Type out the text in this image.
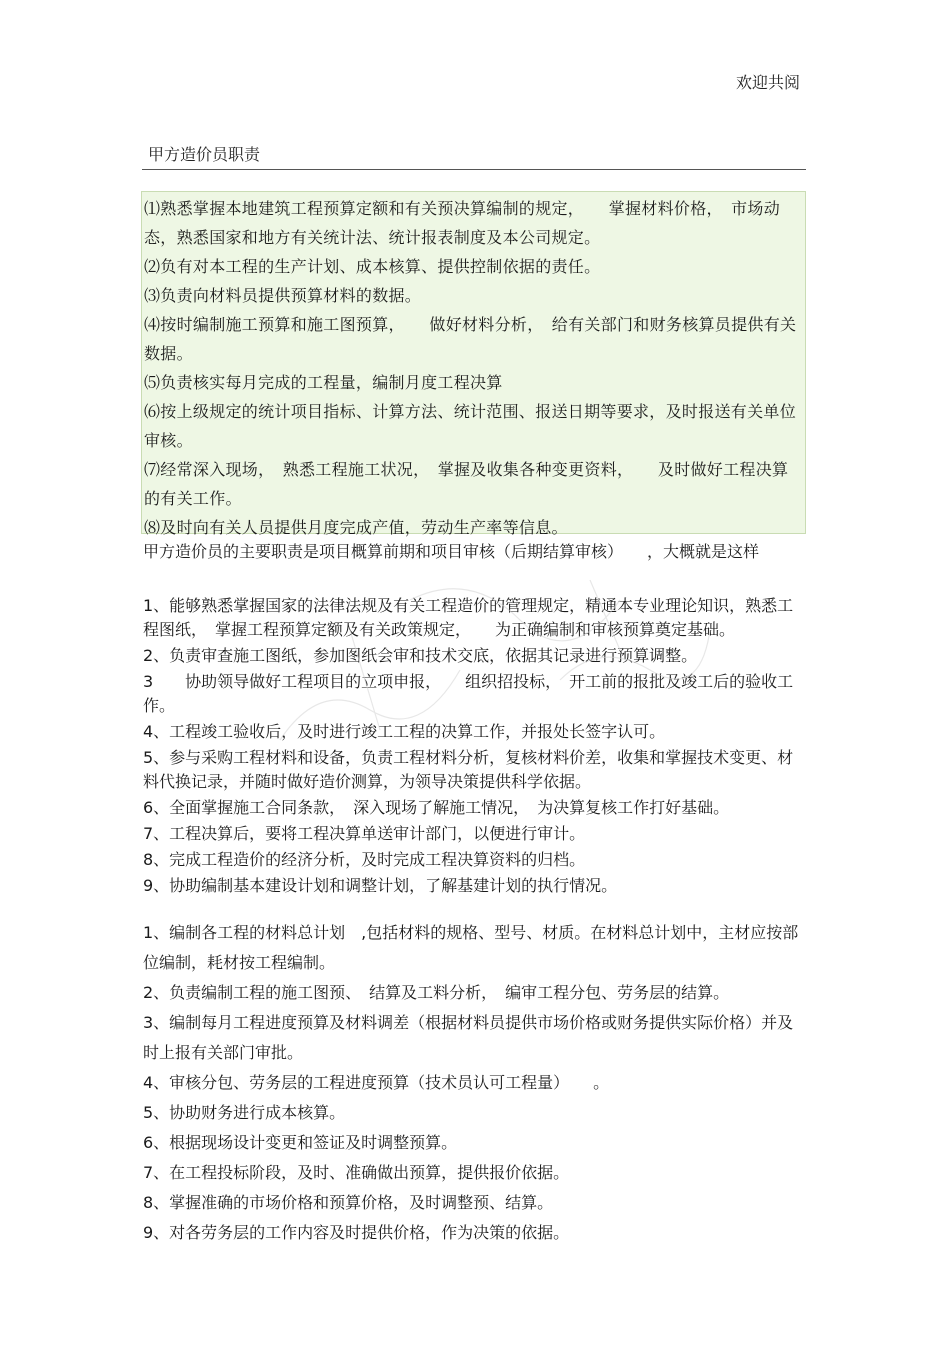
欢迎共阅
甲方造价员职责

⑴熟悉掌握本地建筑工程预算定额和有关预决算编制的规定，　　掌握材料价格，　市场动态，熟悉国家和地方有关统计法、统计报表制度及本公司规定。

⑵负有对本工程的生产计划、成本核算、提供控制依据的责任。

⑶负责向材料员提供预算材料的数据。

⑷按时编制施工预算和施工图预算，　　做好材料分析，　给有关部门和财务核算员提供有关数据。

⑸负责核实每月完成的工程量，编制月度工程决算

⑹按上级规定的统计项目指标、计算方法、统计范围、报送日期等要求，及时报送有关单位审核。

⑺经常深入现场，　熟悉工程施工状况，　掌握及收集各种变更资料，　　及时做好工程决算的有关工作。

⑻及时向有关人员提供月度完成产值，劳动生产率等信息。

甲方造价员的主要职责是项目概算前期和项目审核（后期结算审核）　　，大概就是这样

1、能够熟悉掌握国家的法律法规及有关工程造价的管理规定，精通本专业理论知识，熟悉工程图纸，　掌握工程预算定额及有关政策规定，　　为正确编制和审核预算奠定基础。
2、负责审查施工图纸，参加图纸会审和技术交底，依据其记录进行预算调整。
3　　协助领导做好工程项目的立项申报，　　组织招投标，　开工前的报批及竣工后的验收工作。
4、工程竣工验收后，及时进行竣工工程的决算工作，并报处长签字认可。
5、参与采购工程材料和设备，负责工程材料分析，复核材料价差，收集和掌握技术变更、材料代换记录，并随时做好造价测算，为领导决策提供科学依据。
6、全面掌握施工合同条款，　深入现场了解施工情况，　为决算复核工作打好基础。
7、工程决算后，要将工程决算单送审计部门，以便进行审计。
8、完成工程造价的经济分析，及时完成工程决算资料的归档。
9、协助编制基本建设计划和调整计划，了解基建计划的执行情况。
1、编制各工程的材料总计划　,包括材料的规格、型号、材质。在材料总计划中，主材应按部位编制，耗材按工程编制。
2、负责编制工程的施工图预、　结算及工料分析，　编审工程分包、劳务层的结算。
3、编制每月工程进度预算及材料调差（根据材料员提供市场价格或财务提供实际价格）并及时上报有关部门审批。
4、审核分包、劳务层的工程进度预算（技术员认可工程量）　　。
5、协助财务进行成本核算。
6、根据现场设计变更和签证及时调整预算。
7、在工程投标阶段，及时、准确做出预算，提供报价依据。
8、掌握准确的市场价格和预算价格，及时调整预、结算。
9、对各劳务层的工作内容及时提供价格，作为决策的依据。
